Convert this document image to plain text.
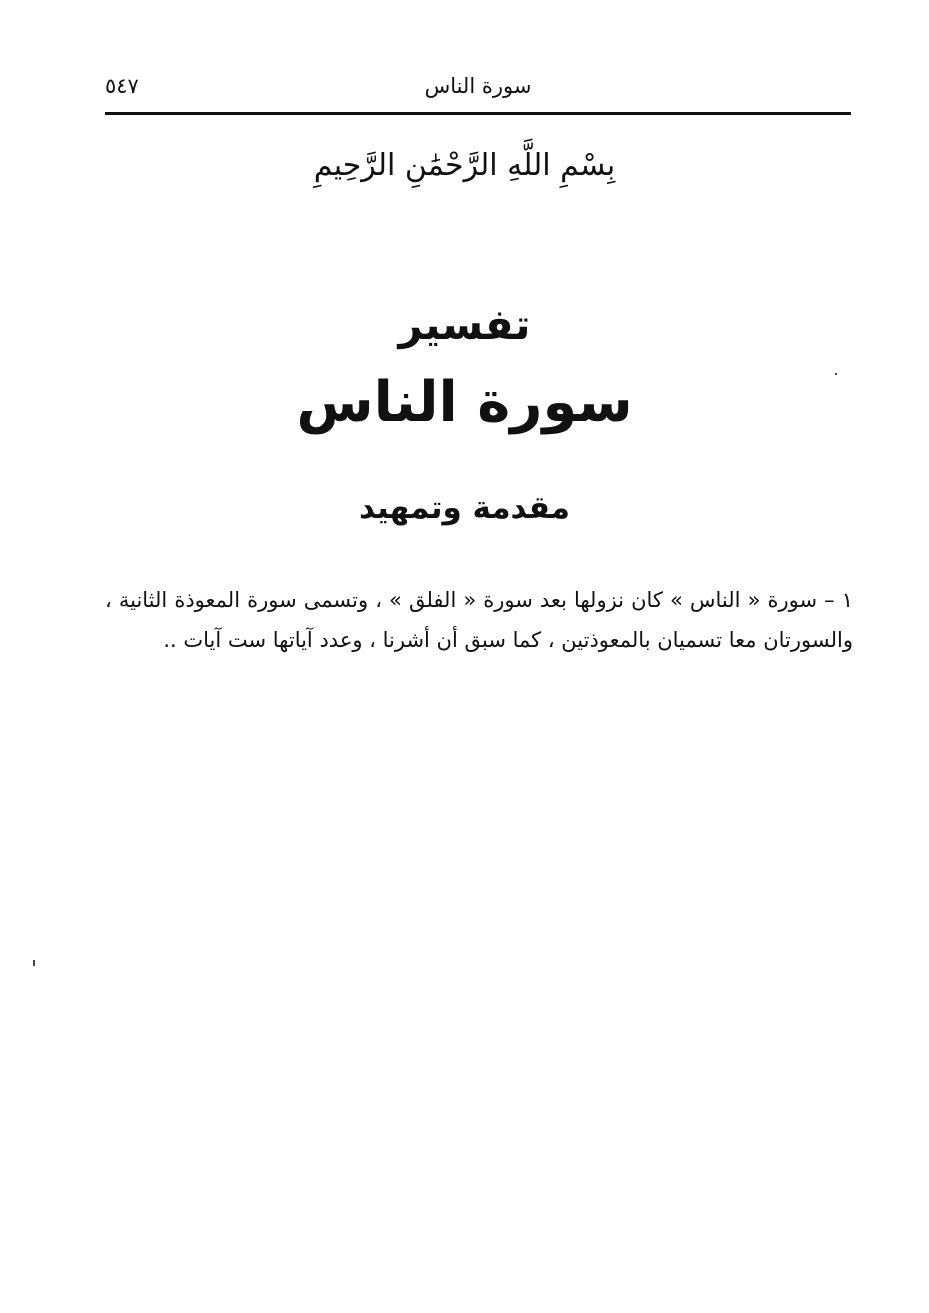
سورة الناس
٥٤٧
بِسْمِ اللَّهِ الرَّحْمَٰنِ الرَّحِيمِ
تفسير
سورة الناس
مقدمة وتمهيد
١ – سورة « الناس » كان نزولها بعد سورة « الفلق » ، وتسمى سورة المعوذة الثانية ، والسورتان معا تسميان بالمعوذتين ، كما سبق أن أشرنا ، وعدد آياتها ست آيات ..
